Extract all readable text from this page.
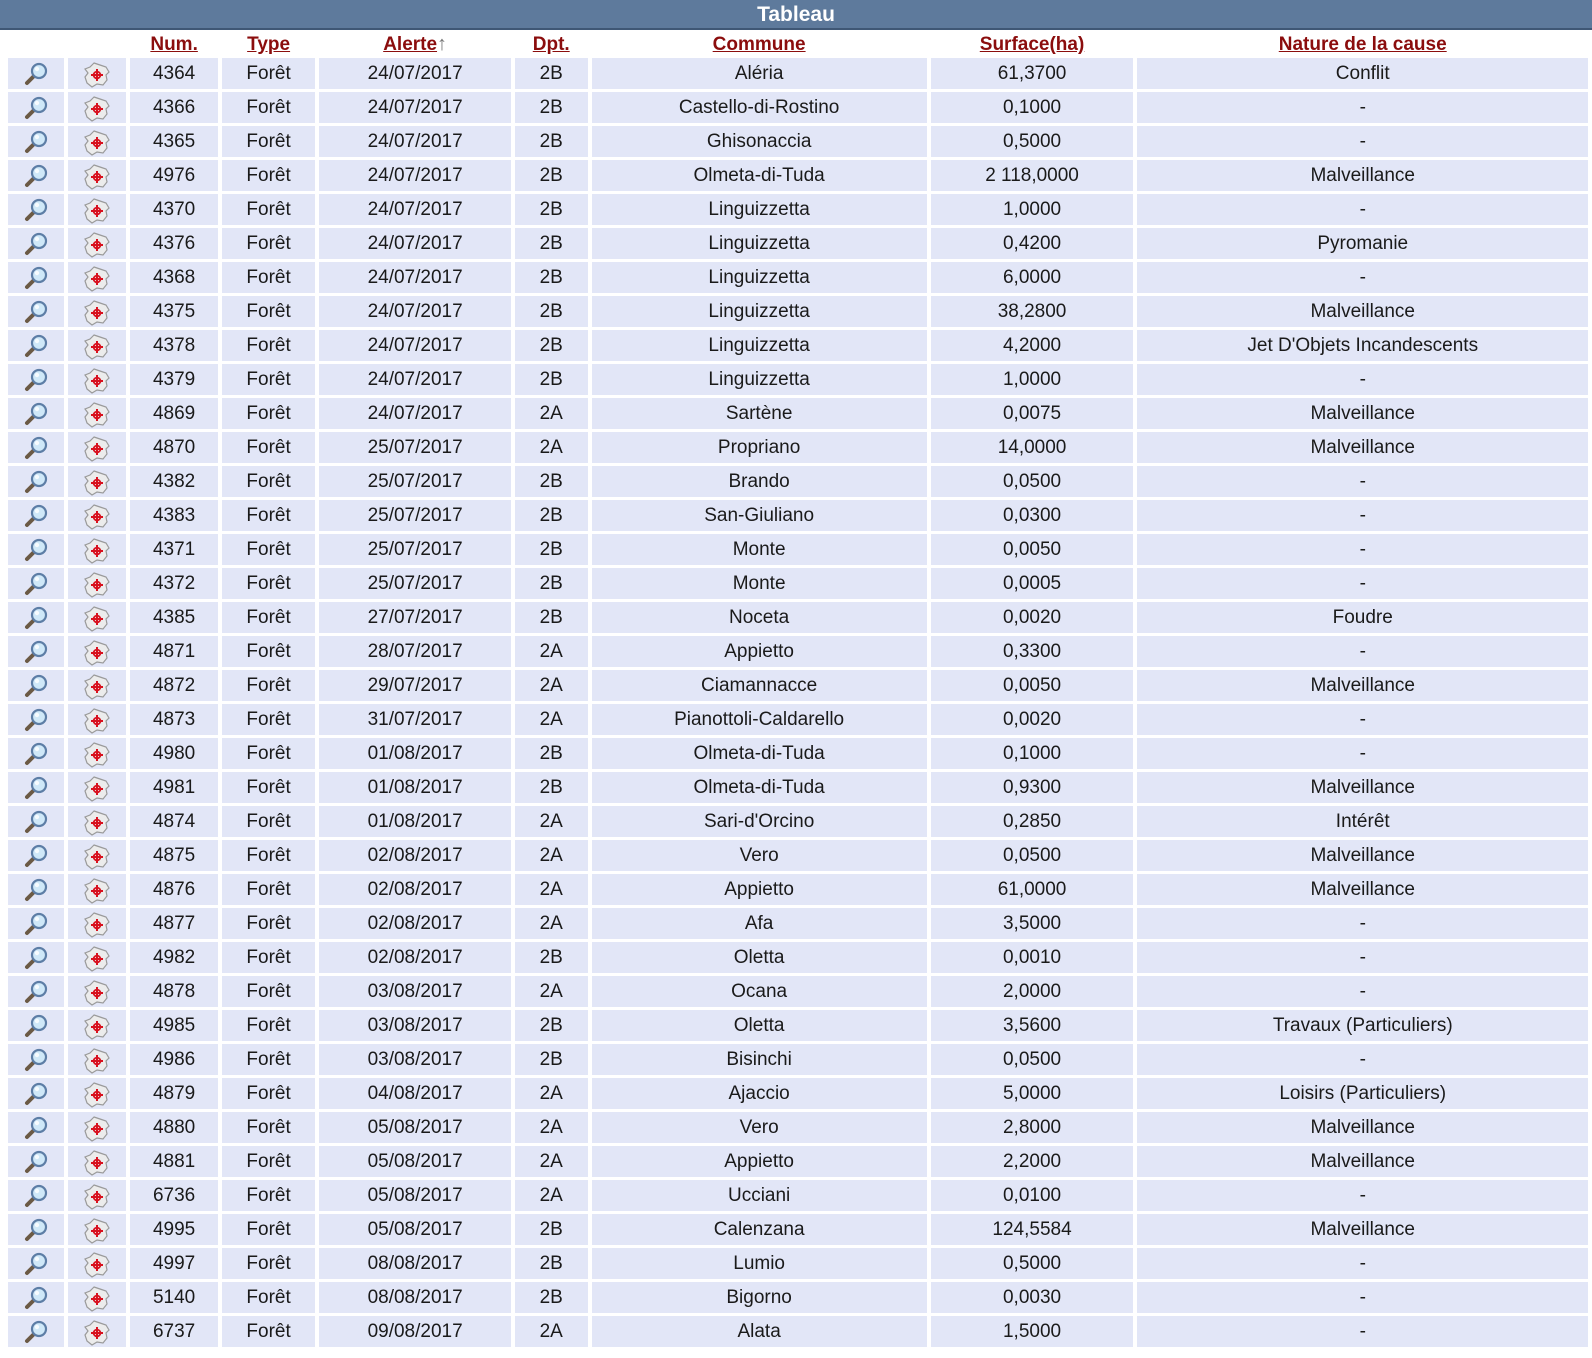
Tableau
		Num.	Type	Alerte↑	Dpt.	Commune	Surface(ha)	Nature de la cause

	4364	Forêt	24/07/2017	2B	Aléria	61,3700	Conflit

	4366	Forêt	24/07/2017	2B	Castello-di-Rostino	0,1000	-

	4365	Forêt	24/07/2017	2B	Ghisonaccia	0,5000	-

	4976	Forêt	24/07/2017	2B	Olmeta-di-Tuda	2 118,0000	Malveillance

	4370	Forêt	24/07/2017	2B	Linguizzetta	1,0000	-

	4376	Forêt	24/07/2017	2B	Linguizzetta	0,4200	Pyromanie

	4368	Forêt	24/07/2017	2B	Linguizzetta	6,0000	-

	4375	Forêt	24/07/2017	2B	Linguizzetta	38,2800	Malveillance

	4378	Forêt	24/07/2017	2B	Linguizzetta	4,2000	Jet D'Objets Incandescents

	4379	Forêt	24/07/2017	2B	Linguizzetta	1,0000	-

	4869	Forêt	24/07/2017	2A	Sartène	0,0075	Malveillance

	4870	Forêt	25/07/2017	2A	Propriano	14,0000	Malveillance

	4382	Forêt	25/07/2017	2B	Brando	0,0500	-

	4383	Forêt	25/07/2017	2B	San-Giuliano	0,0300	-

	4371	Forêt	25/07/2017	2B	Monte	0,0050	-

	4372	Forêt	25/07/2017	2B	Monte	0,0005	-

	4385	Forêt	27/07/2017	2B	Noceta	0,0020	Foudre

	4871	Forêt	28/07/2017	2A	Appietto	0,3300	-

	4872	Forêt	29/07/2017	2A	Ciamannacce	0,0050	Malveillance

	4873	Forêt	31/07/2017	2A	Pianottoli-Caldarello	0,0020	-

	4980	Forêt	01/08/2017	2B	Olmeta-di-Tuda	0,1000	-

	4981	Forêt	01/08/2017	2B	Olmeta-di-Tuda	0,9300	Malveillance

	4874	Forêt	01/08/2017	2A	Sari-d'Orcino	0,2850	Intérêt

	4875	Forêt	02/08/2017	2A	Vero	0,0500	Malveillance

	4876	Forêt	02/08/2017	2A	Appietto	61,0000	Malveillance

	4877	Forêt	02/08/2017	2A	Afa	3,5000	-

	4982	Forêt	02/08/2017	2B	Oletta	0,0010	-

	4878	Forêt	03/08/2017	2A	Ocana	2,0000	-

	4985	Forêt	03/08/2017	2B	Oletta	3,5600	Travaux (Particuliers)

	4986	Forêt	03/08/2017	2B	Bisinchi	0,0500	-

	4879	Forêt	04/08/2017	2A	Ajaccio	5,0000	Loisirs (Particuliers)

	4880	Forêt	05/08/2017	2A	Vero	2,8000	Malveillance

	4881	Forêt	05/08/2017	2A	Appietto	2,2000	Malveillance

	6736	Forêt	05/08/2017	2A	Ucciani	0,0100	-

	4995	Forêt	05/08/2017	2B	Calenzana	124,5584	Malveillance

	4997	Forêt	08/08/2017	2B	Lumio	0,5000	-

	5140	Forêt	08/08/2017	2B	Bigorno	0,0030	-

	6737	Forêt	09/08/2017	2A	Alata	1,5000	-
